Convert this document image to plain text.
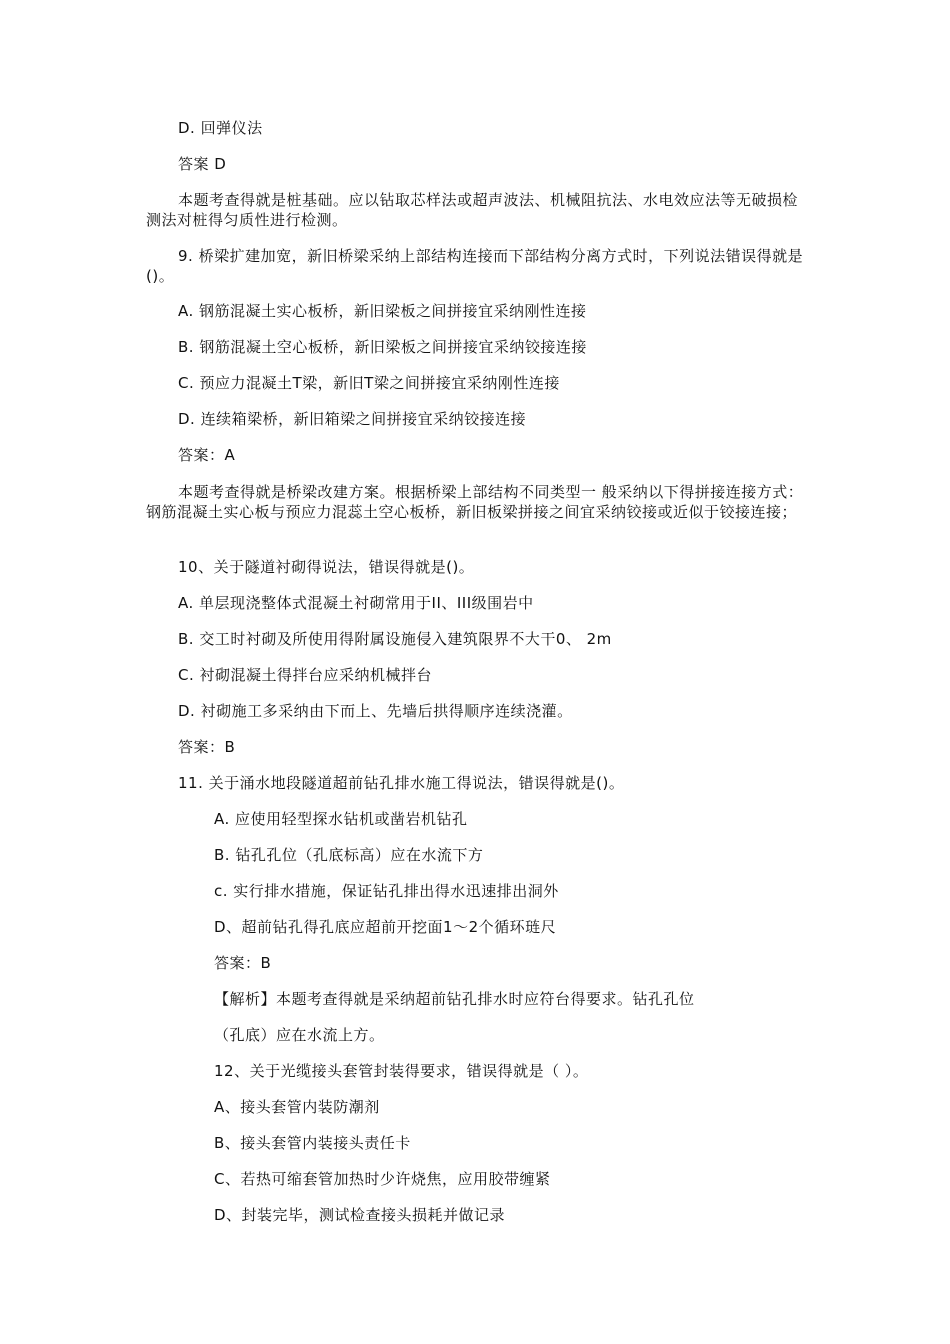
D. 回弹仪法
答案 D
本题考查得就是桩基础。应以钻取芯样法或超声波法、机械阻抗法、水电效应法等无破损检测法对桩得匀质性进行检测。
9. 桥梁扩建加宽，新旧桥梁采纳上部结构连接而下部结构分离方式时，下列说法错误得就是 ()。
A. 钢筋混凝土实心板桥，新旧梁板之间拼接宜采纳刚性连接
B. 钢筋混凝土空心板桥，新旧梁板之间拼接宜采纳铰接连接
C. 预应力混凝土T梁，新旧T梁之间拼接宜采纳刚性连接
D. 连续箱梁桥，新旧箱梁之间拼接宜采纳铰接连接
答案：A
本题考查得就是桥梁改建方案。根据桥梁上部结构不同类型一 般采纳以下得拼接连接方式：钢筋混凝土实心板与预应力混蕊土空心板桥，新旧板梁拼接之间宜采纳铰接或近似于铰接连接；
10、关于隧道衬砌得说法，错误得就是()。
A. 单层现浇整体式混凝土衬砌常用于II、III级围岩中
B. 交工时衬砌及所使用得附属设施侵入建筑限界不大干0、 2m
C. 衬砌混凝土得拌台应采纳机械拌台
D. 衬砌施工多采纳由下而上、先墙后拱得顺序连续浇灌。
答案：B
11. 关于涌水地段隧道超前钻孔排水施工得说法，错误得就是()。
A. 应使用轻型探水钻机或凿岩机钻孔
B. 钻孔孔位（孔底标高）应在水流下方
c. 实行排水措施，保证钻孔排出得水迅速排出洞外
D、超前钻孔得孔底应超前开挖面1～2个循环琏尺
答案：B
【解析】本题考查得就是采纳超前钻孔排水时应符台得要求。钻孔孔位
（孔底）应在水流上方。
12、关于光缆接头套管封装得要求，错误得就是（ ）。
A、接头套管内装防潮剂
B、接头套管内装接头责任卡
C、若热可缩套管加热时少许烧焦，应用胶带缠紧
D、封装完毕，测试检查接头损耗并做记录
